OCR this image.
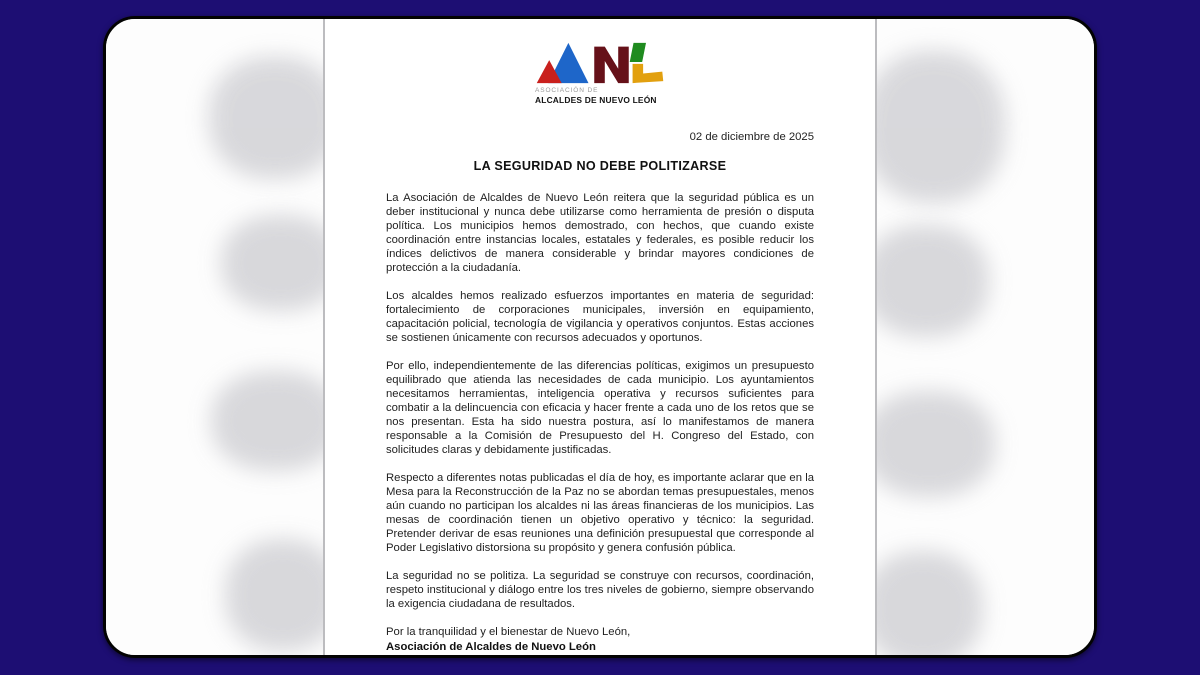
ASOCIACIÓN DE
ALCALDES DE NUEVO LEÓN
02 de diciembre de 2025
LA SEGURIDAD NO DEBE POLITIZARSE

La Asociación de Alcaldes de Nuevo León reitera que la seguridad pública es un deber institucional y nunca debe utilizarse como herramienta de presión o disputa política. Los municipios hemos demostrado, con hechos, que cuando existe coordinación entre instancias locales, estatales y federales, es posible reducir los índices delictivos de manera considerable y brindar mayores condiciones de protección a la ciudadanía.

Los alcaldes hemos realizado esfuerzos importantes en materia de seguridad: fortalecimiento de corporaciones municipales, inversión en equipamiento, capacitación policial, tecnología de vigilancia y operativos conjuntos. Estas acciones se sostienen únicamente con recursos adecuados y oportunos.

Por ello, independientemente de las diferencias políticas, exigimos un presupuesto equilibrado que atienda las necesidades de cada municipio. Los ayuntamientos necesitamos herramientas, inteligencia operativa y recursos suficientes para combatir a la delincuencia con eficacia y hacer frente a cada uno de los retos que se nos presentan. Esta ha sido nuestra postura, así lo manifestamos de manera responsable a la Comisión de Presupuesto del H. Congreso del Estado, con solicitudes claras y debidamente justificadas.

Respecto a diferentes notas publicadas el día de hoy, es importante aclarar que en la Mesa para la Reconstrucción de la Paz no se abordan temas presupuestales, menos aún cuando no participan los alcaldes ni las áreas financieras de los municipios. Las mesas de coordinación tienen un objetivo operativo y técnico: la seguridad. Pretender derivar de esas reuniones una definición presupuestal que corresponde al Poder Legislativo distorsiona su propósito y genera confusión pública.

La seguridad no se politiza. La seguridad se construye con recursos, coordinación, respeto institucional y diálogo entre los tres niveles de gobierno, siempre observando la exigencia ciudadana de resultados.

Por la tranquilidad y el bienestar de Nuevo León,
Asociación de Alcaldes de Nuevo León
